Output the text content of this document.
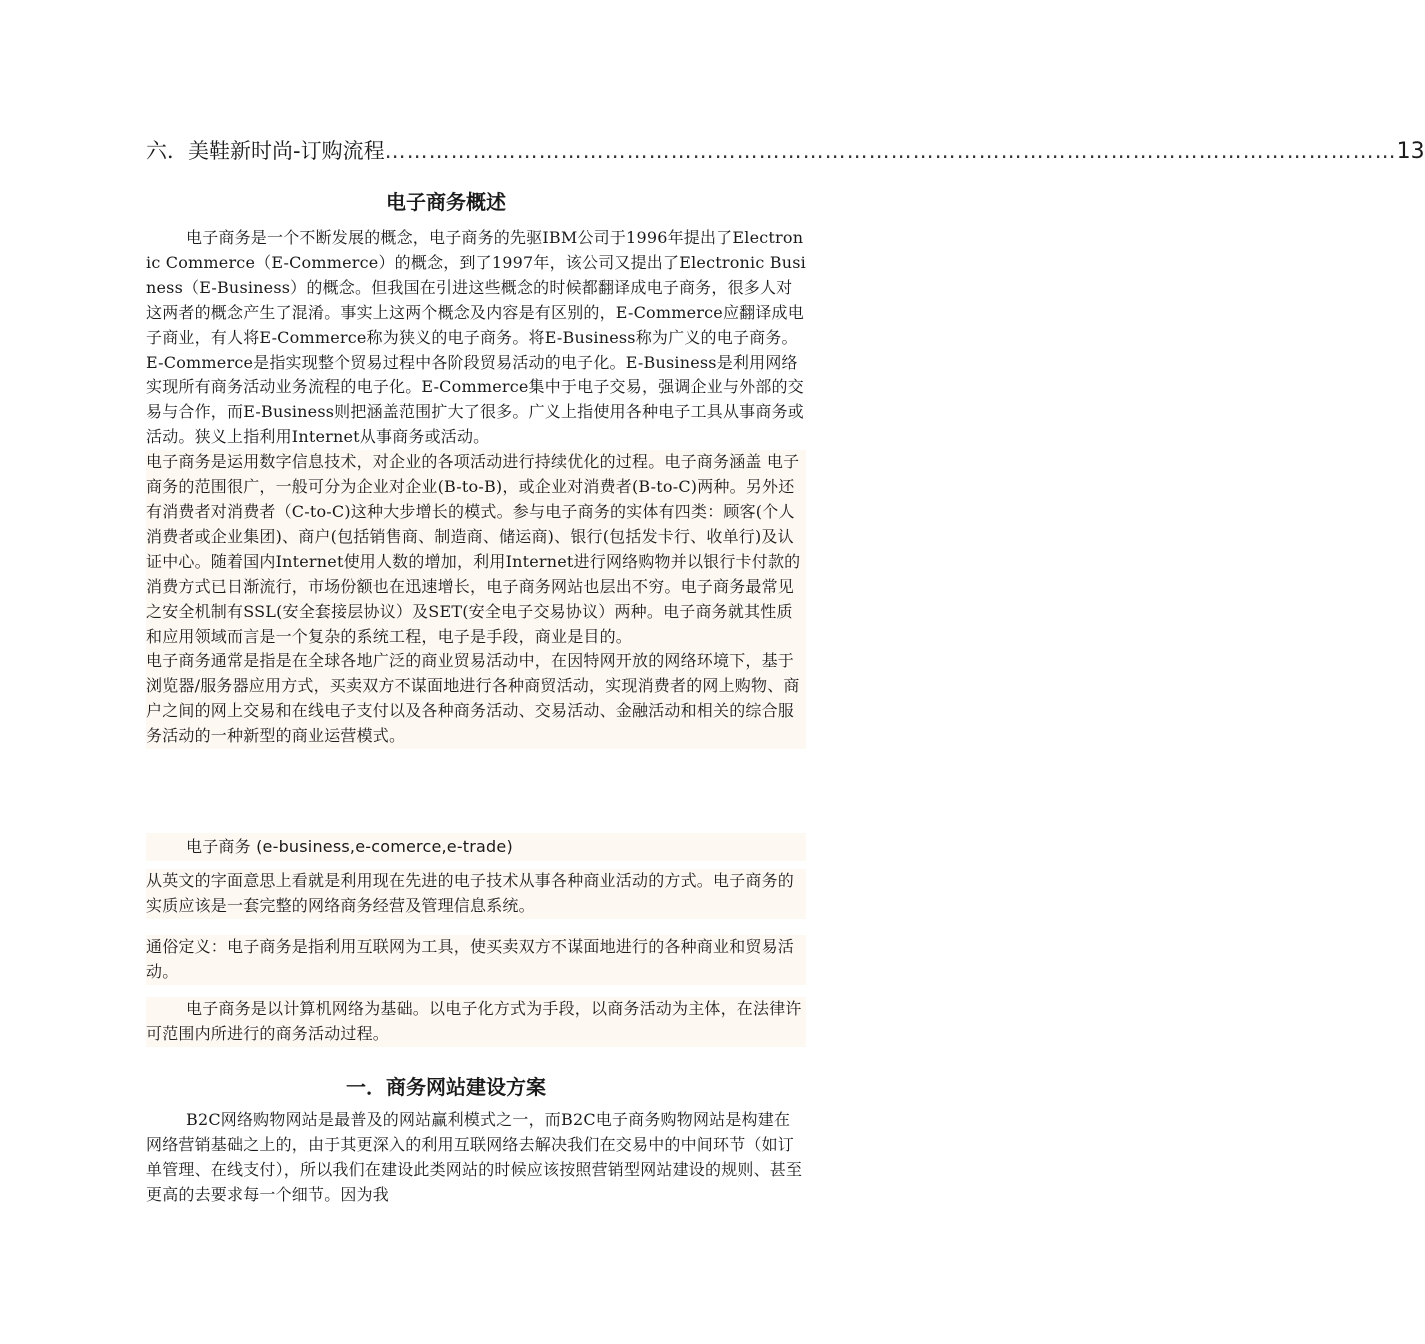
六．美鞋新时尚-订购流程 ………………………………………………………………………………………………………………………… 13
电子商务概述

电子商务是一个不断发展的概念，电子商务的先驱IBM公司于1996年提出了Electronic Commerce（E-Commerce）的概念，到了1997年，该公司又提出了Electronic Business（E-Business）的概念。但我国在引进这些概念的时候都翻译成电子商务，很多人对这两者的概念产生了混淆。事实上这两个概念及内容是有区别的，E-Commerce应翻译成电子商业，有人将E-Commerce称为狭义的电子商务。将E-Business称为广义的电子商务。E-Commerce是指实现整个贸易过程中各阶段贸易活动的电子化。E-Business是利用网络实现所有商务活动业务流程的电子化。E-Commerce集中于电子交易，强调企业与外部的交易与合作，而E-Business则把涵盖范围扩大了很多。广义上指使用各种电子工具从事商务或活动。狭义上指利用Internet从事商务或活动。

电子商务是运用数字信息技术，对企业的各项活动进行持续优化的过程。电子商务涵盖 电子商务的范围很广，一般可分为企业对企业(B-to-B)，或企业对消费者(B-to-C)两种。另外还有消费者对消费者（C-to-C)这种大步增长的模式。参与电子商务的实体有四类：顾客(个人消费者或企业集团)、商户(包括销售商、制造商、储运商)、银行(包括发卡行、收单行)及认证中心。随着国内Internet使用人数的增加，利用Internet进行网络购物并以银行卡付款的消费方式已日渐流行，市场份额也在迅速增长，电子商务网站也层出不穷。电子商务最常见之安全机制有SSL(安全套接层协议）及SET(安全电子交易协议）两种。电子商务就其性质和应用领域而言是一个复杂的系统工程，电子是手段，商业是目的。

电子商务通常是指是在全球各地广泛的商业贸易活动中，在因特网开放的网络环境下，基于浏览器/服务器应用方式，买卖双方不谋面地进行各种商贸活动，实现消费者的网上购物、商户之间的网上交易和在线电子支付以及各种商务活动、交易活动、金融活动和相关的综合服务活动的一种新型的商业运营模式。

电子商务 (e-business,e-comerce,e-trade)

从英文的字面意思上看就是利用现在先进的电子技术从事各种商业活动的方式。电子商务的实质应该是一套完整的网络商务经营及管理信息系统。

通俗定义：电子商务是指利用互联网为工具，使买卖双方不谋面地进行的各种商业和贸易活动。

电子商务是以计算机网络为基础。以电子化方式为手段，以商务活动为主体，在法律许可范围内所进行的商务活动过程。

一．商务网站建设方案

B2C网络购物网站是最普及的网站赢利模式之一，而B2C电子商务购物网站是构建在网络营销基础之上的，由于其更深入的利用互联网络去解决我们在交易中的中间环节（如订单管理、在线支付），所以我们在建设此类网站的时候应该按照营销型网站建设的规则、甚至更高的去要求每一个细节。因为我
